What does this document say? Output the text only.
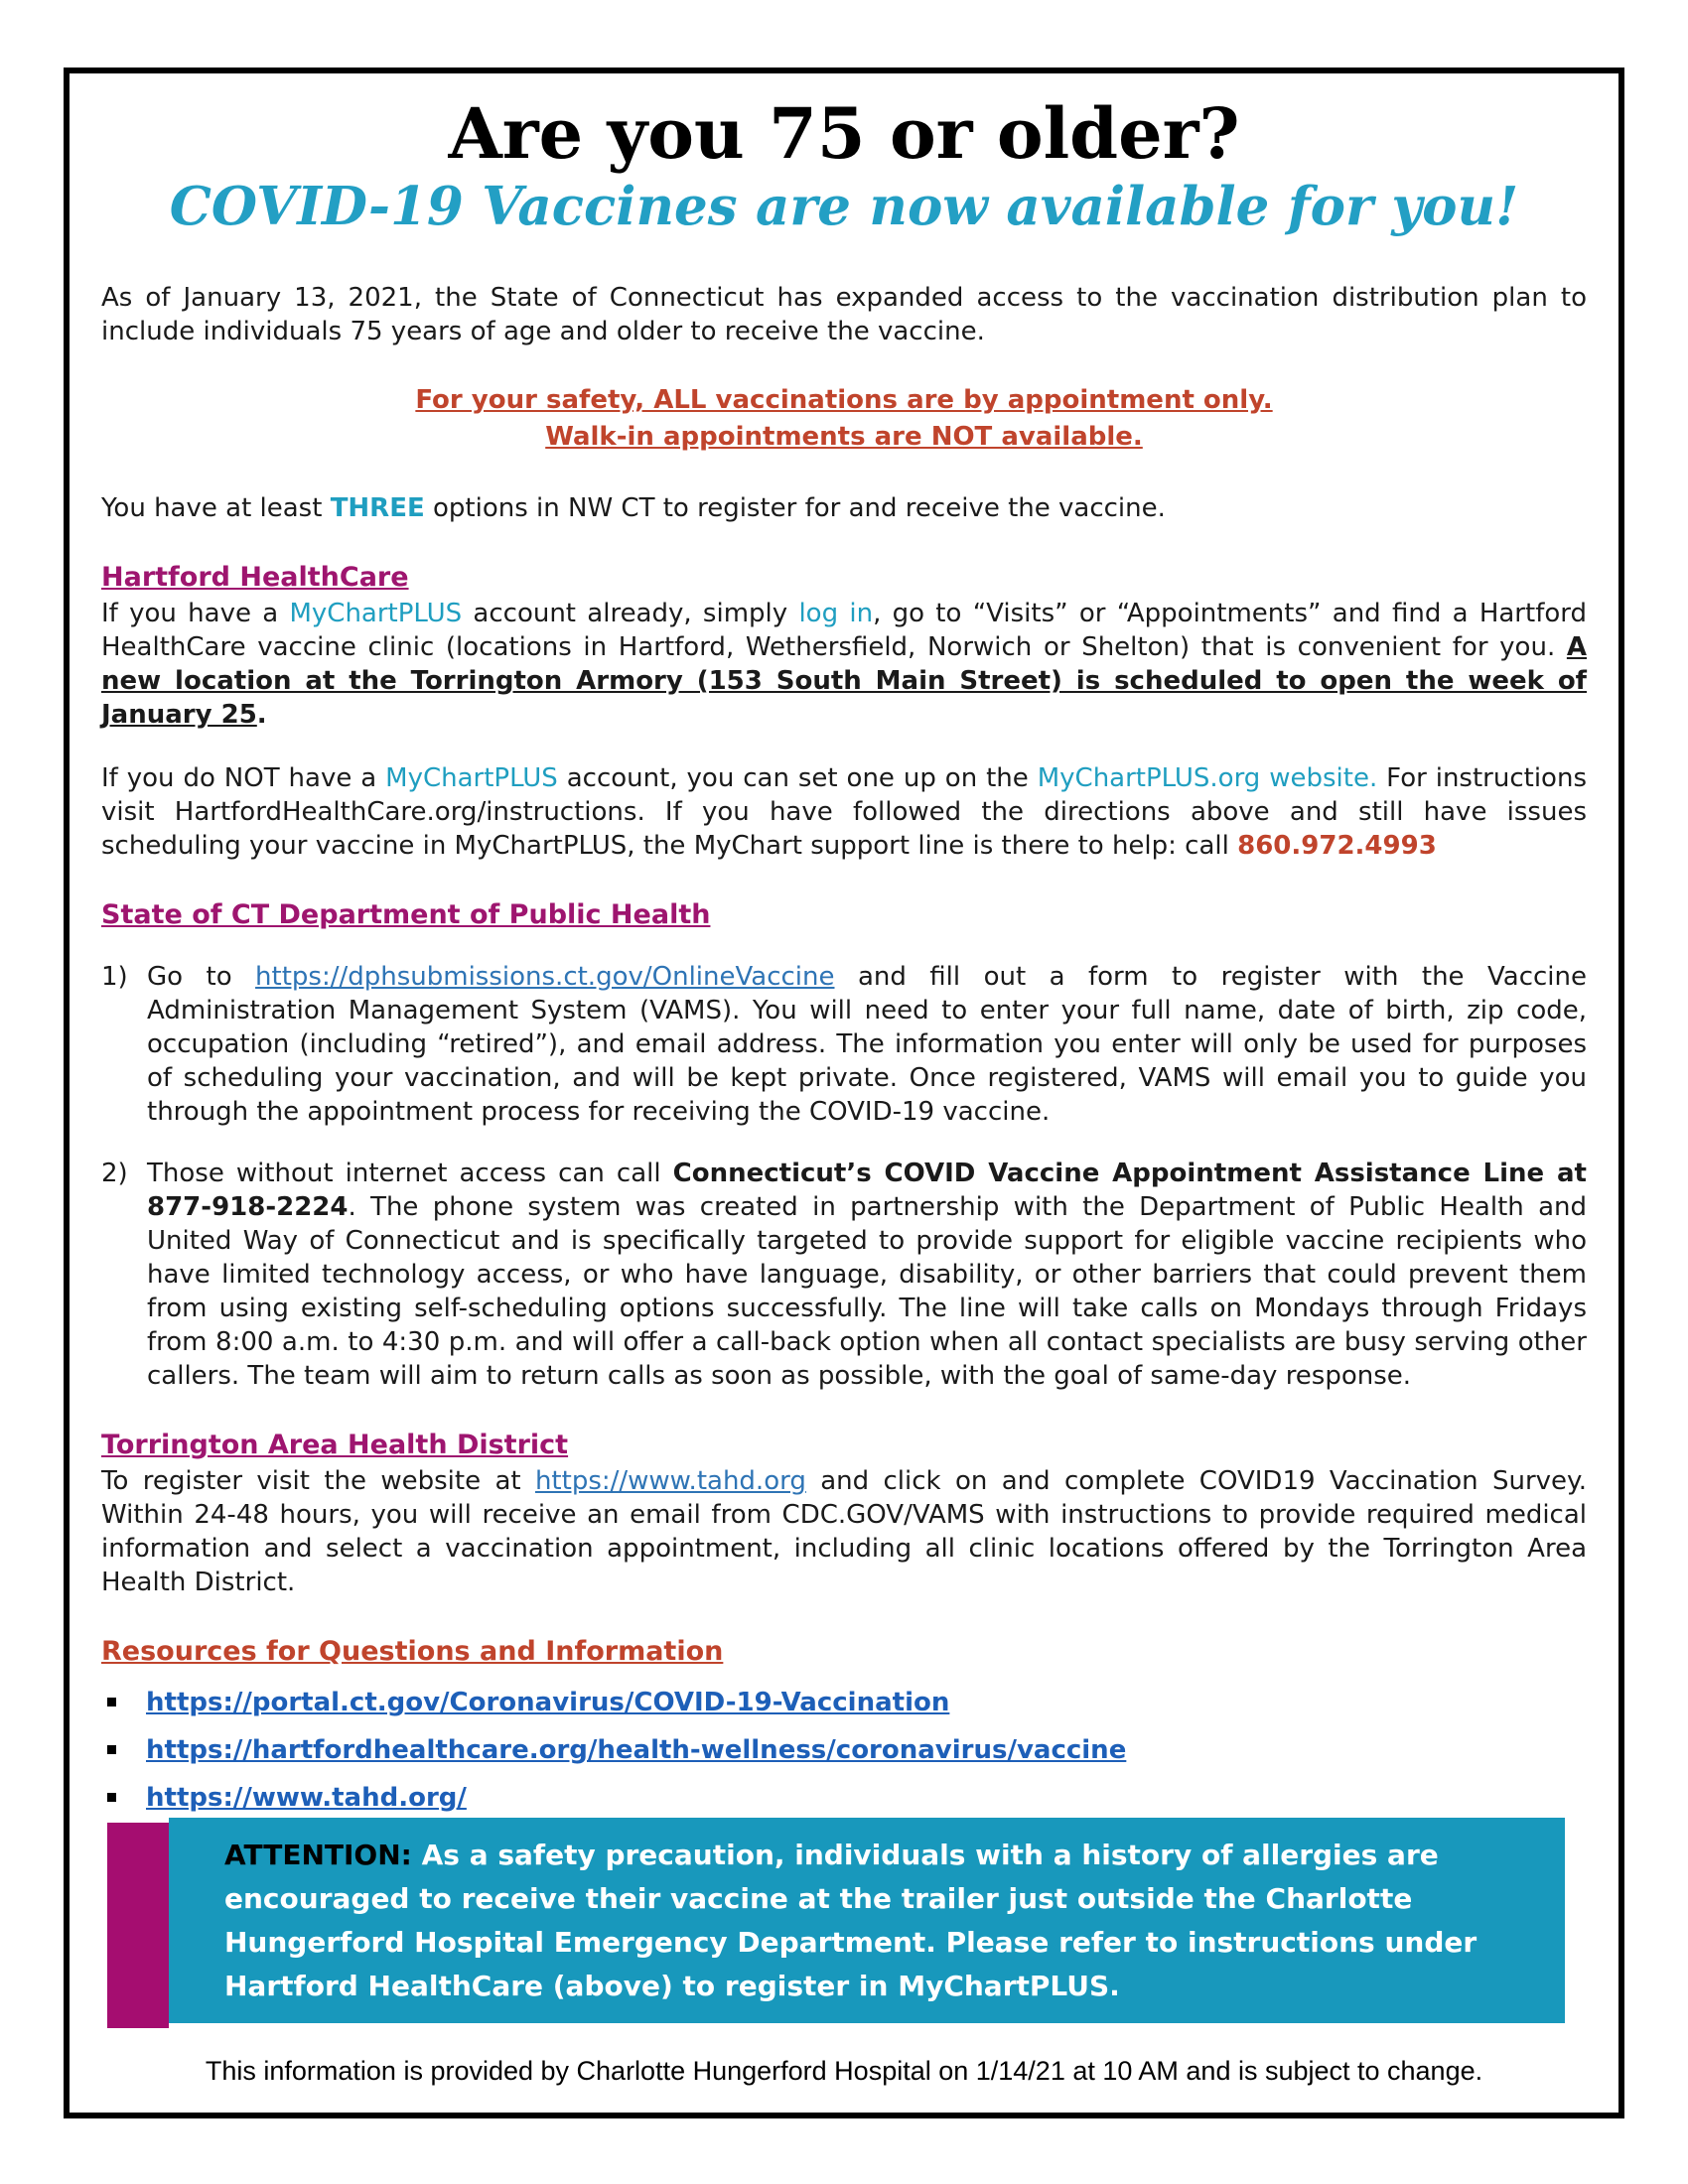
Are you 75 or older?
COVID-19 Vaccines are now available for you!

As of January 13, 2021, the State of Connecticut has expanded access to the vaccination distribution plan to include individuals 75 years of age and older to receive the vaccine.

For your safety, ALL vaccinations are by appointment only.
Walk-in appointments are NOT available.

You have at least THREE options in NW CT to register for and receive the vaccine.

Hartford HealthCare

If you have a MyChartPLUS account already, simply log in, go to “Visits” or “Appointments” and find a Hartford HealthCare vaccine clinic (locations in Hartford, Wethersfield, Norwich or Shelton) that is convenient for you. A new location at the Torrington Armory (153 South Main Street) is scheduled to open the week of January 25.

If you do NOT have a MyChartPLUS account, you can set one up on the MyChartPLUS.org website. For instructions visit HartfordHealthCare.org/instructions. If you have followed the directions above and still have issues scheduling your vaccine in MyChartPLUS, the MyChart support line is there to help: call 860.972.4993

State of CT Department of Public Health
1) Go to https://dphsubmissions.ct.gov/OnlineVaccine and fill out a form to register with the Vaccine Administration Management System (VAMS). You will need to enter your full name, date of birth, zip code, occupation (including “retired”), and email address. The information you enter will only be used for purposes of scheduling your vaccination, and will be kept private. Once registered, VAMS will email you to guide you through the appointment process for receiving the COVID-19 vaccine.

2) Those without internet access can call Connecticut’s COVID Vaccine Appointment Assistance Line at 877-918-2224. The phone system was created in partnership with the Department of Public Health and United Way of Connecticut and is specifically targeted to provide support for eligible vaccine recipients who have limited technology access, or who have language, disability, or other barriers that could prevent them from using existing self-scheduling options successfully. The line will take calls on Mondays through Fridays from 8:00 a.m. to 4:30 p.m. and will offer a call-back option when all contact specialists are busy serving other callers. The team will aim to return calls as soon as possible, with the goal of same-day response.

Torrington Area Health District

To register visit the website at https://www.tahd.org and click on and complete COVID19 Vaccination Survey. Within 24-48 hours, you will receive an email from CDC.GOV/VAMS with instructions to provide required medical information and select a vaccination appointment, including all clinic locations offered by the Torrington Area Health District.

Resources for Questions and Information
https://portal.ct.gov/Coronavirus/COVID-19-Vaccination
https://hartfordhealthcare.org/health-wellness/coronavirus/vaccine
https://www.tahd.org/
ATTENTION: As a safety precaution, individuals with a history of allergies are encouraged to receive their vaccine at the trailer just outside the Charlotte Hungerford Hospital Emergency Department. Please refer to instructions under Hartford HealthCare (above) to register in MyChartPLUS.
This information is provided by Charlotte Hungerford Hospital on 1/14/21 at 10 AM and is subject to change.
